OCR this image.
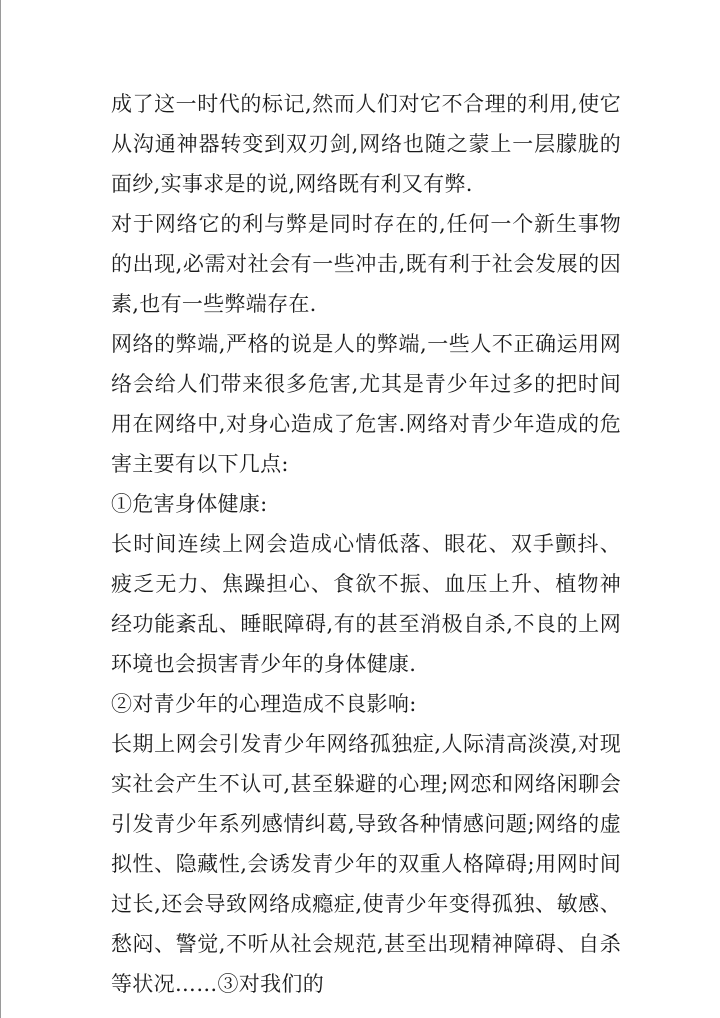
成了这一时代的标记,然而人们对它不合理的利用,使它从沟通神器转变到双刃剑,网络也随之蒙上一层朦胧的面纱,实事求是的说,网络既有利又有弊.

对于网络它的利与弊是同时存在的,任何一个新生事物的出现,必需对社会有一些冲击,既有利于社会发展的因素,也有一些弊端存在.

网络的弊端,严格的说是人的弊端,一些人不正确运用网络会给人们带来很多危害,尤其是青少年过多的把时间用在网络中,对身心造成了危害.网络对青少年造成的危害主要有以下几点:

①危害身体健康:

长时间连续上网会造成心情低落、眼花、双手颤抖、疲乏无力、焦躁担心、食欲不振、血压上升、植物神经功能紊乱、睡眠障碍,有的甚至消极自杀,不良的上网环境也会损害青少年的身体健康.

②对青少年的心理造成不良影响:

长期上网会引发青少年网络孤独症,人际清高淡漠,对现实社会产生不认可,甚至躲避的心理;网恋和网络闲聊会引发青少年系列感情纠葛,导致各种情感问题;网络的虚拟性、隐藏性,会诱发青少年的双重人格障碍;用网时间过长,还会导致网络成瘾症,使青少年变得孤独、敏感、愁闷、警觉,不听从社会规范,甚至出现精神障碍、自杀等状况……③对我们的
